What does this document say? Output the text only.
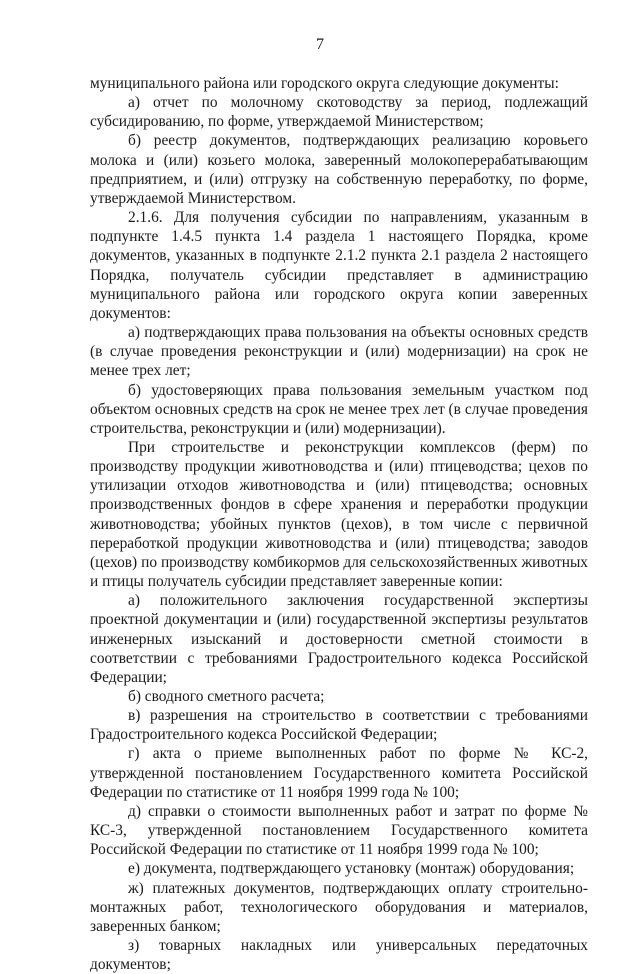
7

муниципального района или городского округа следующие документы:

а) отчет по молочному скотоводству за период, подлежащий субсидированию, по форме, утверждаемой Министерством;

б) реестр документов, подтверждающих реализацию коровьего молока и (или) козьего молока, заверенный молокоперерабатывающим предприятием, и (или) отгрузку на собственную переработку, по форме, утверждаемой Министерством.

2.1.6. Для получения субсидии по направлениям, указанным в подпункте 1.4.5 пункта 1.4 раздела 1 настоящего Порядка, кроме документов, указанных в подпункте 2.1.2 пункта 2.1 раздела 2 настоящего Порядка, получатель субсидии представляет в администрацию муниципального района или городского округа копии заверенных документов:

а) подтверждающих права пользования на объекты основных средств (в случае проведения реконструкции и (или) модернизации) на срок не менее трех лет;

б) удостоверяющих права пользования земельным участком под объектом основных средств на срок не менее трех лет (в случае проведения строительства, реконструкции и (или) модернизации).

При строительстве и реконструкции комплексов (ферм) по производству продукции животноводства и (или) птицеводства; цехов по утилизации отходов животноводства и (или) птицеводства; основных производственных фондов в сфере хранения и переработки продукции животноводства; убойных пунктов (цехов), в том числе с первичной переработкой продукции животноводства и (или) птицеводства; заводов (цехов) по производству комбикормов для сельскохозяйственных животных и птицы получатель субсидии представляет заверенные копии:

а) положительного заключения государственной экспертизы проектной документации и (или) государственной экспертизы результатов инженерных изысканий и достоверности сметной стоимости в соответствии с требованиями Градостроительного кодекса Российской Федерации;

б) сводного сметного расчета;

в) разрешения на строительство в соответствии с требованиями Градостроительного кодекса Российской Федерации;

г) акта о приеме выполненных работ по форме № КС-2, утвержденной постановлением Государственного комитета Российской Федерации по статистике от 11 ноября 1999 года № 100;

д) справки о стоимости выполненных работ и затрат по форме № КС-3, утвержденной постановлением Государственного комитета Российской Федерации по статистике от 11 ноября 1999 года № 100;

е) документа, подтверждающего установку (монтаж) оборудования;

ж) платежных документов, подтверждающих оплату строительно-монтажных работ, технологического оборудования и материалов, заверенных банком;

з) товарных накладных или универсальных передаточных документов;
